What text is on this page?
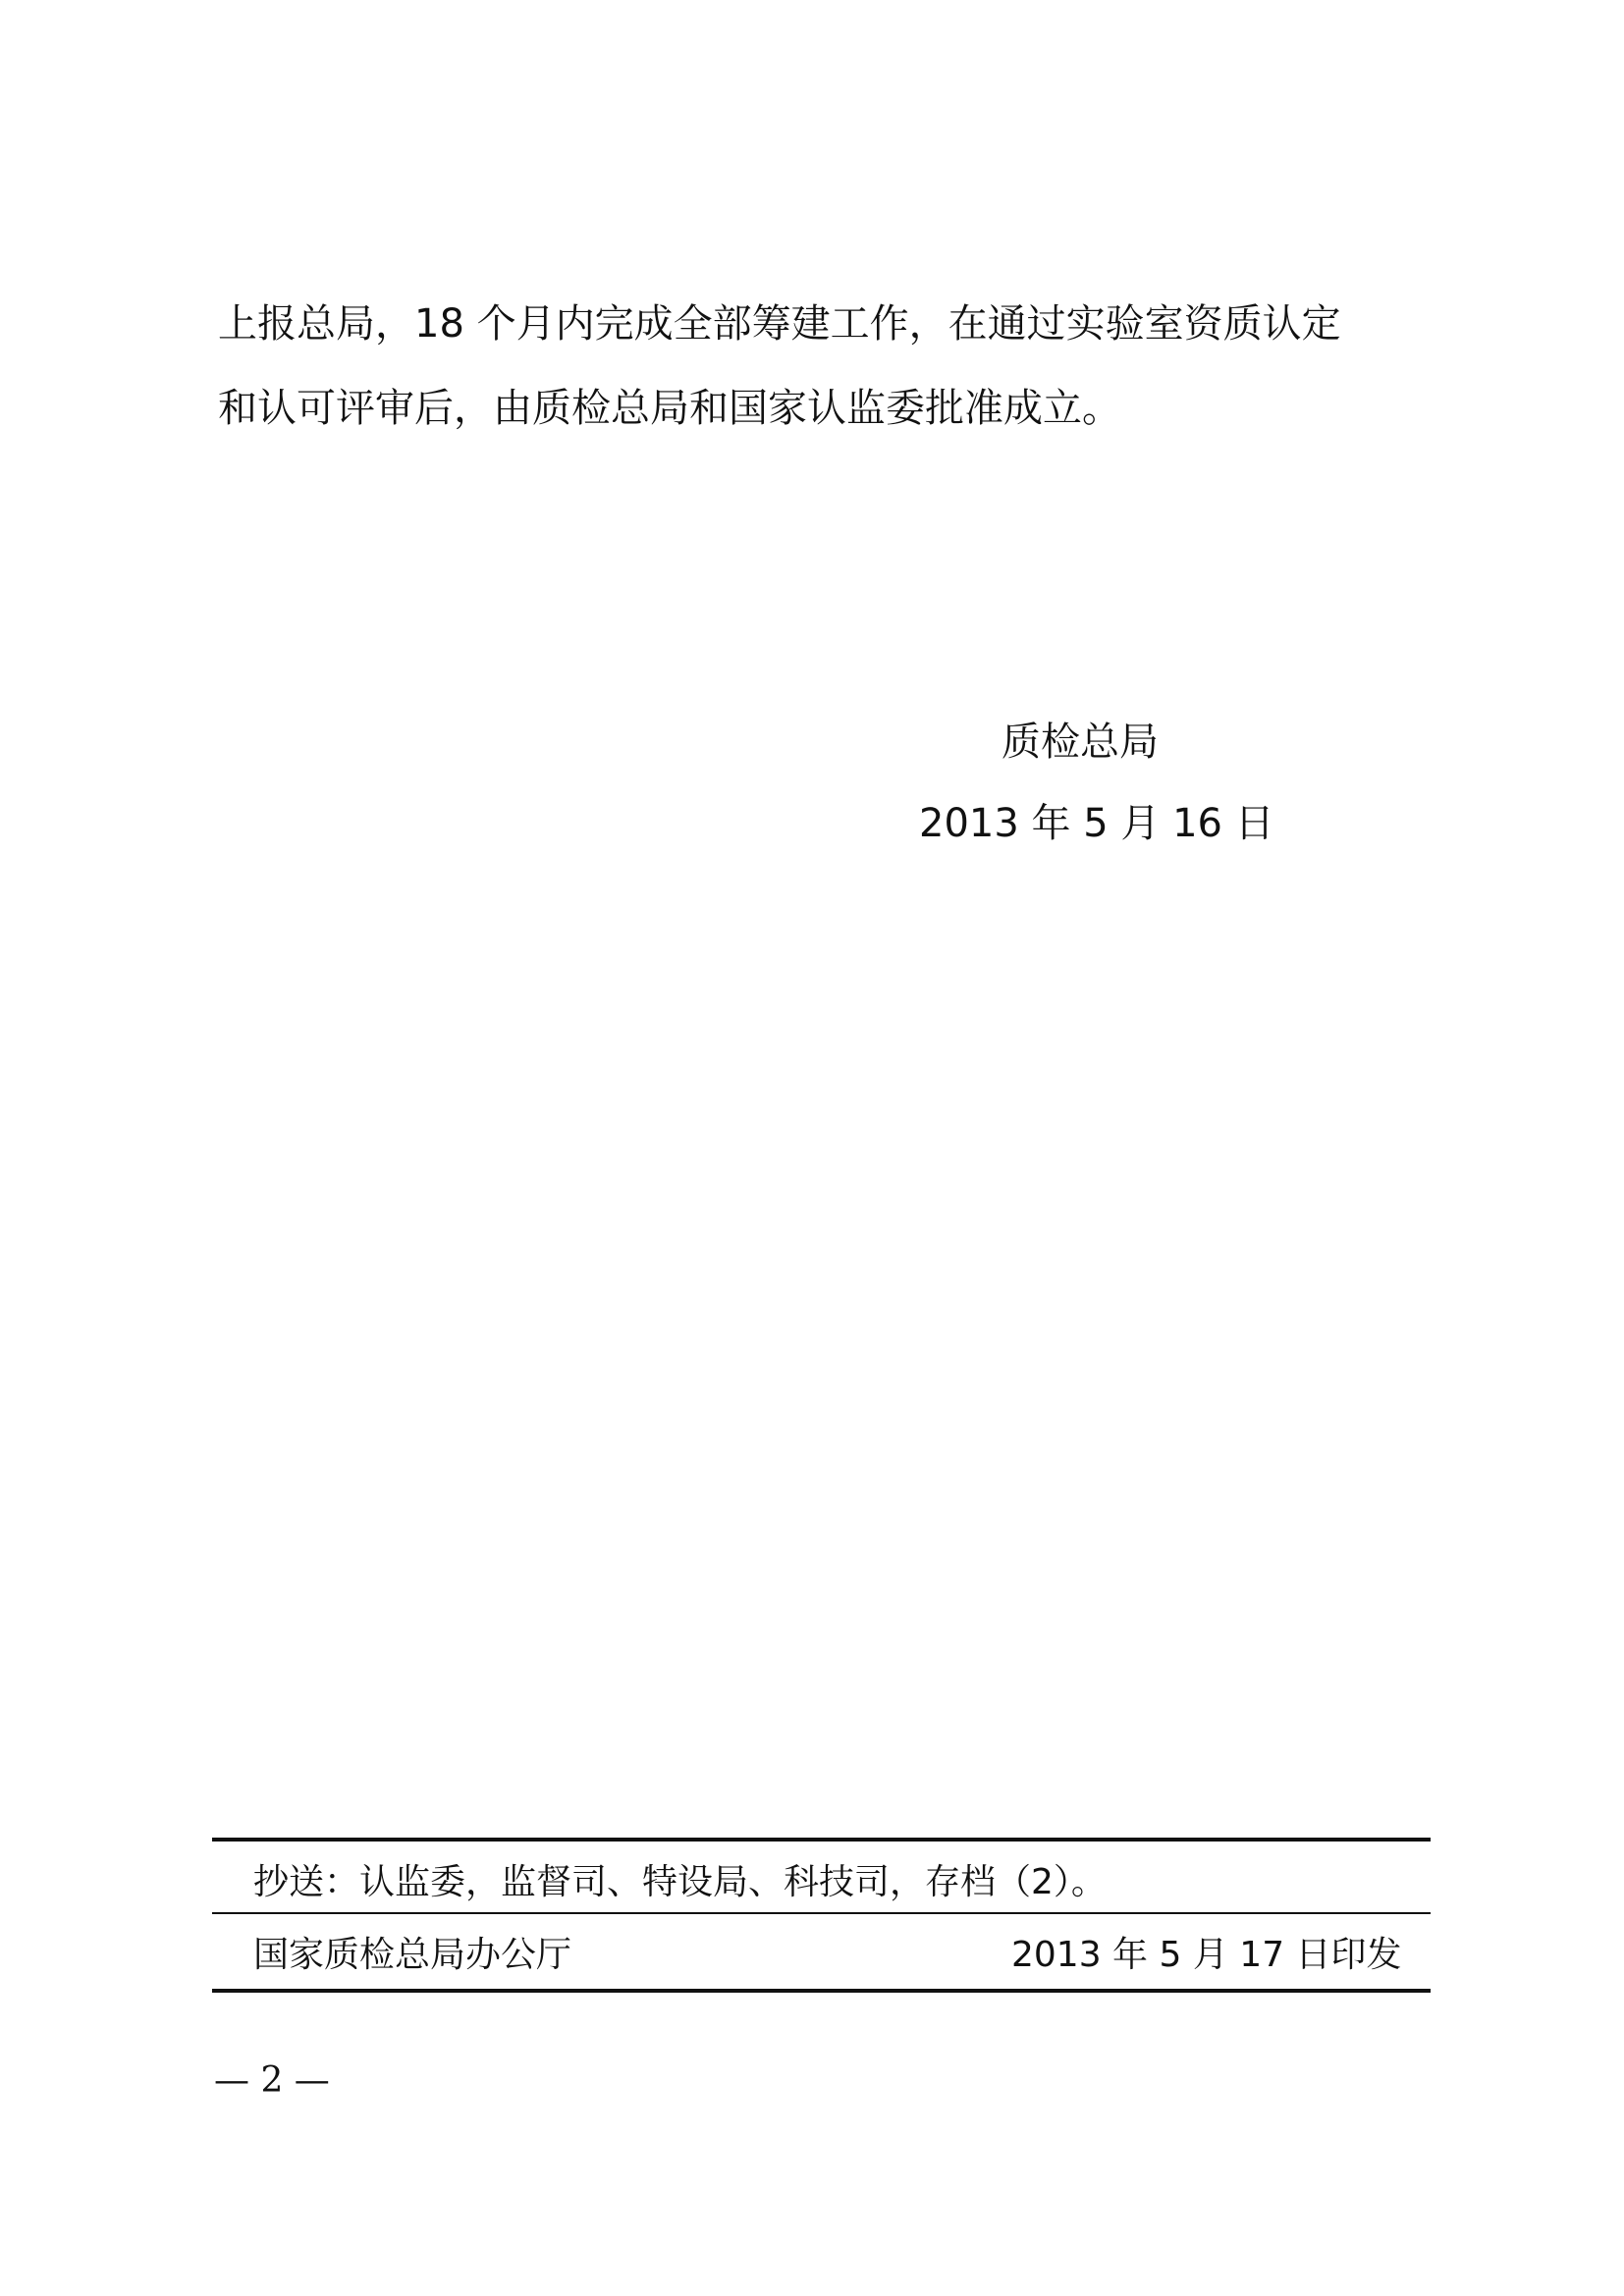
上报总局，18 个月内完成全部筹建工作，在通过实验室资质认定
和认可评审后，由质检总局和国家认监委批准成立。
质检总局
2013 年 5 月 16 日
抄送：认监委，监督司、特设局、科技司，存档（2）。
国家质检总局办公厅	2013 年 5 月 17 日印发
— 2 —
